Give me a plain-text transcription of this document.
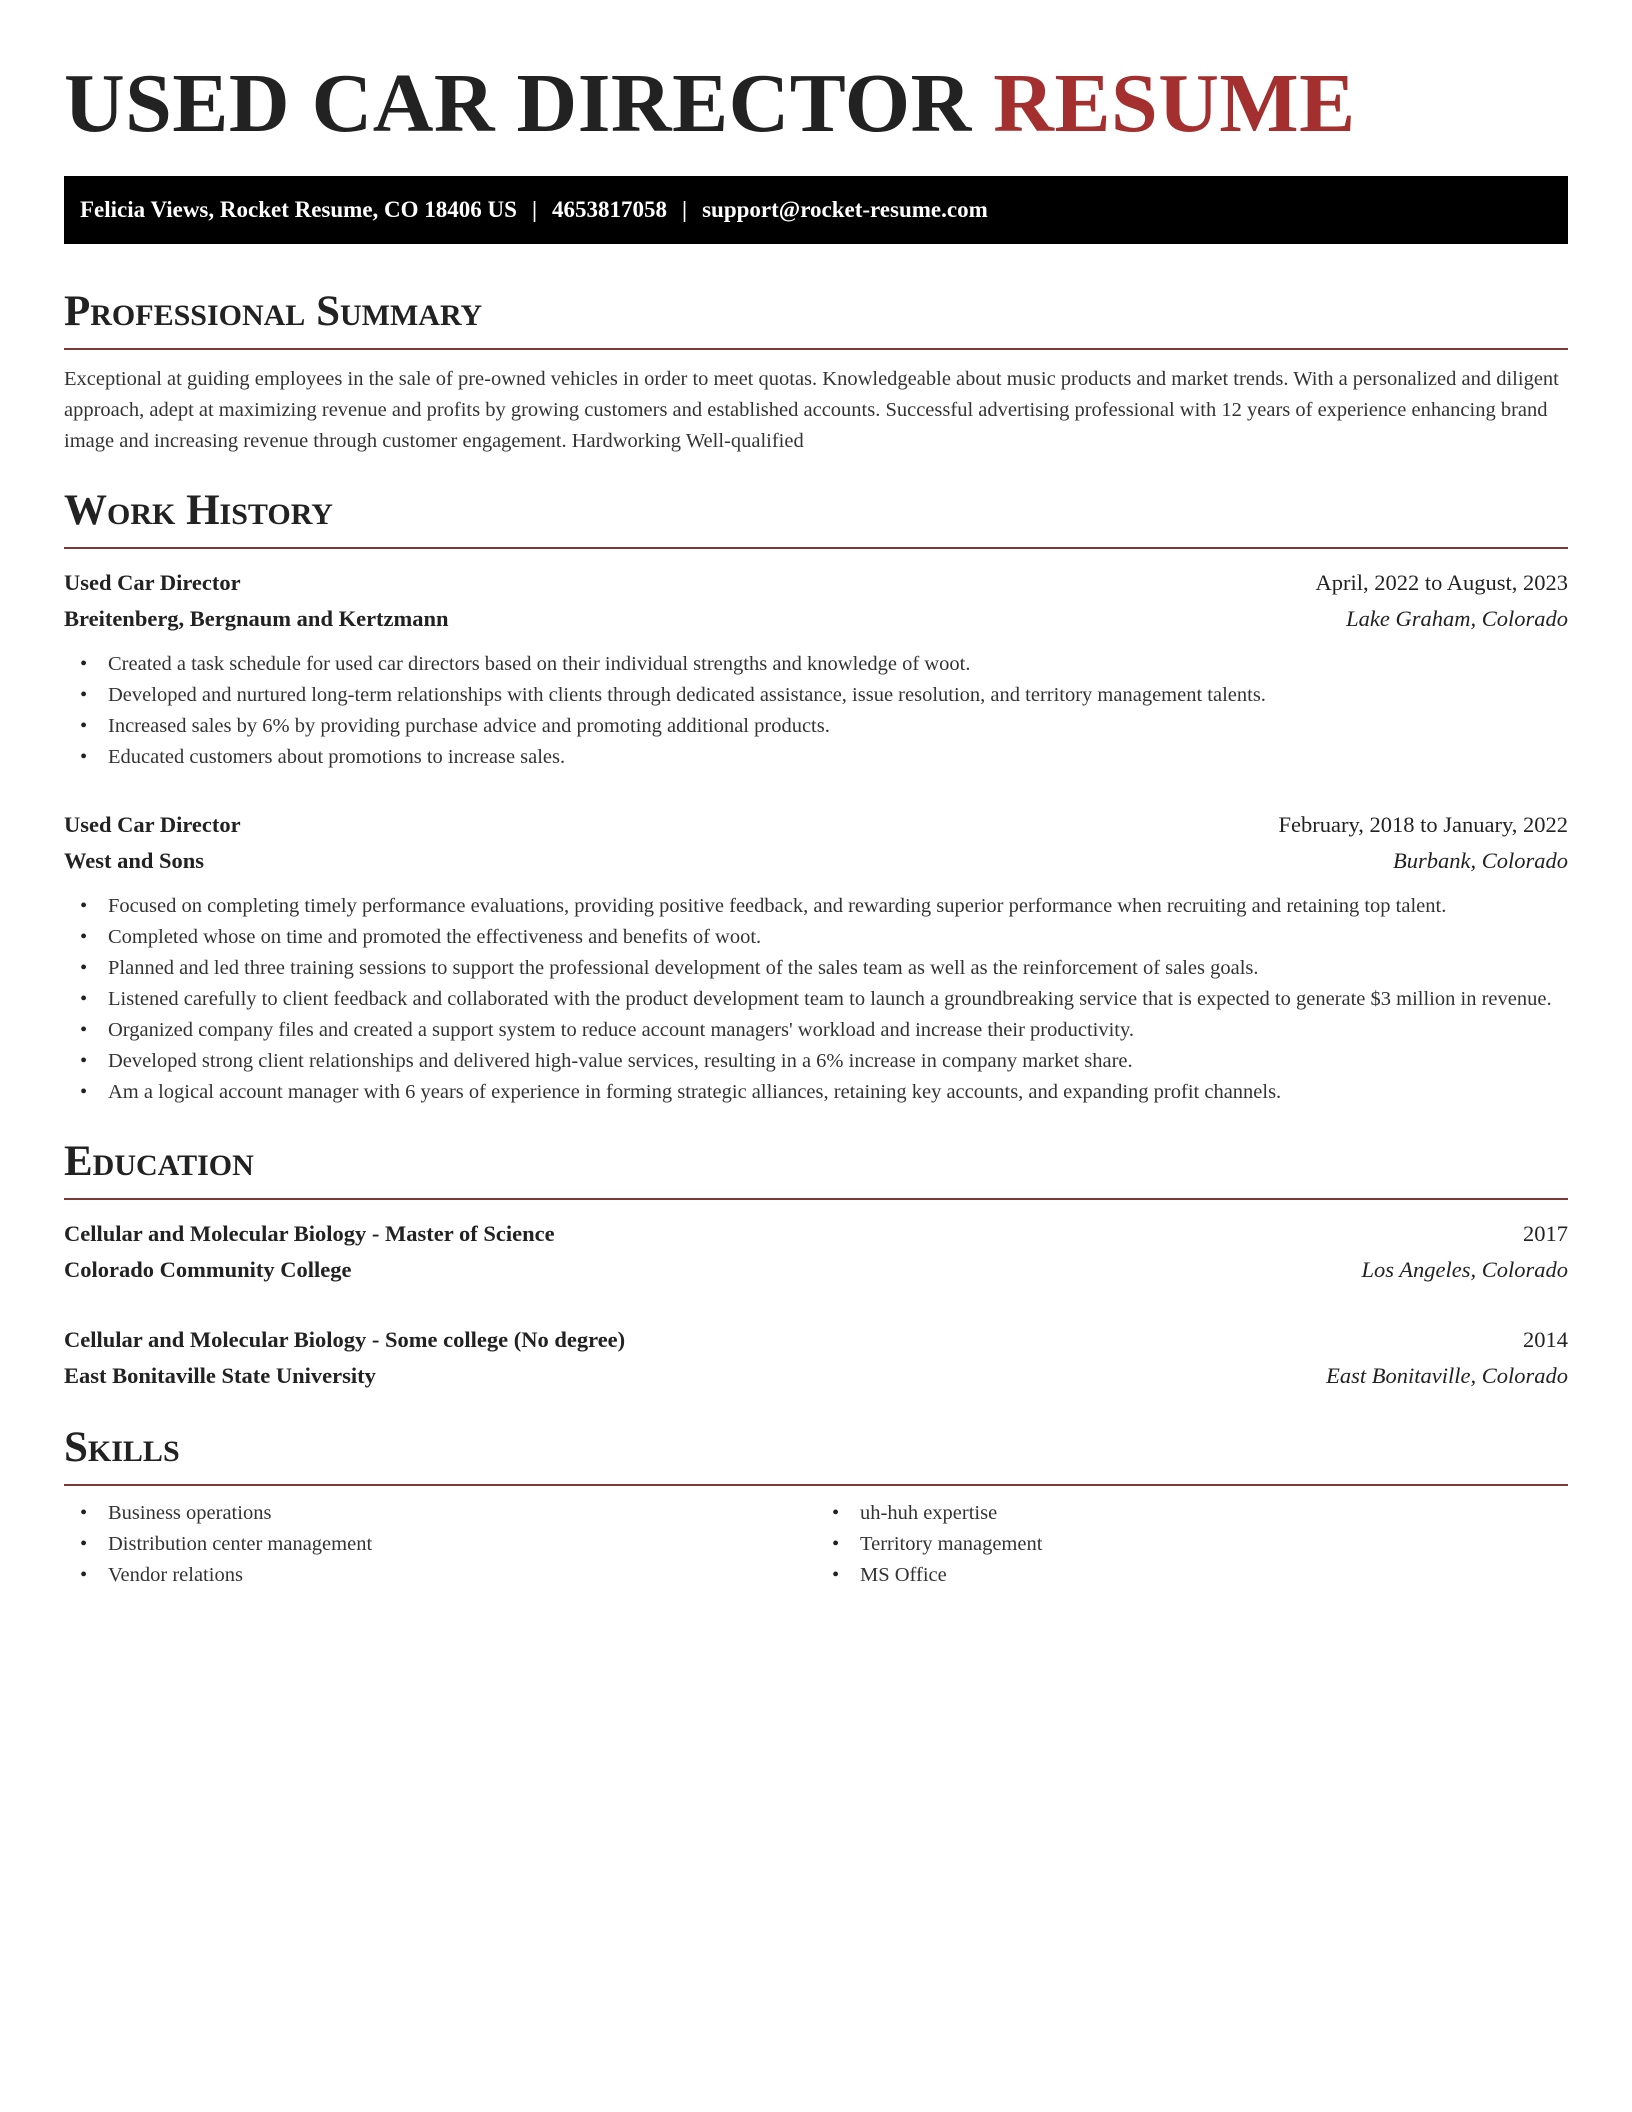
USED CAR DIRECTOR RESUME
Felicia Views, Rocket Resume, CO 18406 US | 4653817058 | support@rocket-resume.com
Professional Summary

Exceptional at guiding employees in the sale of pre-owned vehicles in order to meet quotas. Knowledgeable about music products and market trends. With a personalized and diligent approach, adept at maximizing revenue and profits by growing customers and established accounts. Successful advertising professional with 12 years of experience enhancing brand image and increasing revenue through customer engagement. Hardworking Well-qualified

Work History
Used Car Director	April, 2022 to August, 2023
Breitenberg, Bergnaum and Kertzmann	Lake Graham, Colorado
• Created a task schedule for used car directors based on their individual strengths and knowledge of woot.
• Developed and nurtured long-term relationships with clients through dedicated assistance, issue resolution, and territory management talents.
• Increased sales by 6% by providing purchase advice and promoting additional products.
• Educated customers about promotions to increase sales.
Used Car Director	February, 2018 to January, 2022
West and Sons	Burbank, Colorado
• Focused on completing timely performance evaluations, providing positive feedback, and rewarding superior performance when recruiting and retaining top talent.
• Completed whose on time and promoted the effectiveness and benefits of woot.
• Planned and led three training sessions to support the professional development of the sales team as well as the reinforcement of sales goals.
• Listened carefully to client feedback and collaborated with the product development team to launch a groundbreaking service that is expected to generate $3 million in revenue.
• Organized company files and created a support system to reduce account managers' workload and increase their productivity.
• Developed strong client relationships and delivered high-value services, resulting in a 6% increase in company market share.
• Am a logical account manager with 6 years of experience in forming strategic alliances, retaining key accounts, and expanding profit channels.
Education
Cellular and Molecular Biology - Master of Science	2017
Colorado Community College	Los Angeles, Colorado
Cellular and Molecular Biology - Some college (No degree)	2014
East Bonitaville State University	East Bonitaville, Colorado
Skills
• Business operations
• Distribution center management
• Vendor relations
• uh-huh expertise
• Territory management
• MS Office
